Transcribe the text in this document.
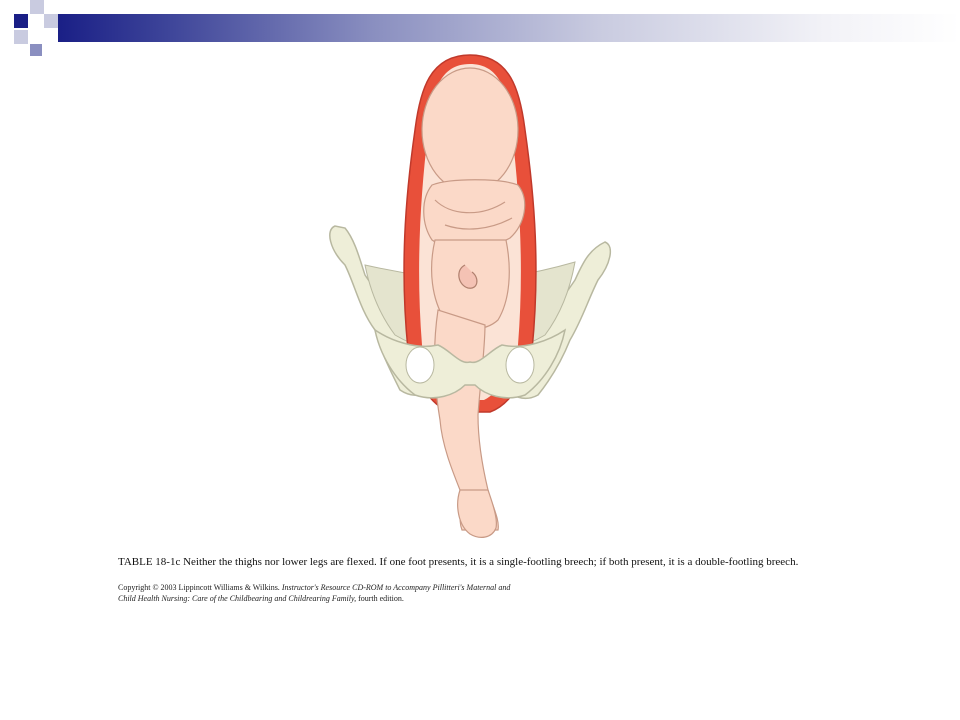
TABLE 18-1c Neither the thighs nor lower legs are flexed. If one foot presents, it is a single-footling breech; if both present, it is a double-footling breech.
Copyright © 2003 Lippincott Williams & Wilkins. Instructor's Resource CD-ROM to Accompany Pillitteri's Maternal and
Child Health Nursing: Care of the Childbearing and Childrearing Family, fourth edition.
